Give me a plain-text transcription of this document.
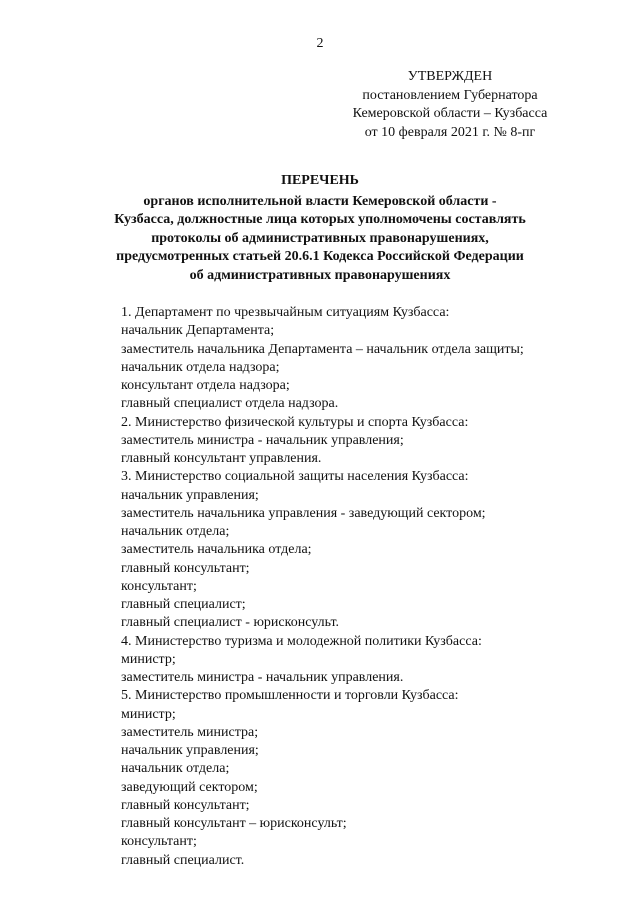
2
УТВЕРЖДЕН
постановлением Губернатора
Кемеровской области – Кузбасса
от 10 февраля 2021 г. № 8-пг
ПЕРЕЧЕНЬ
органов исполнительной власти Кемеровской области -
Кузбасса, должностные лица которых уполномочены составлять
протоколы об административных правонарушениях,
предусмотренных статьей 20.6.1 Кодекса Российской Федерации
об административных правонарушениях
1. Департамент по чрезвычайным ситуациям Кузбасса:
начальник Департамента;
заместитель начальника Департамента – начальник отдела защиты;
начальник отдела надзора;
консультант отдела надзора;
главный специалист отдела надзора.
2. Министерство физической культуры и спорта Кузбасса:
заместитель министра - начальник управления;
главный консультант управления.
3. Министерство социальной защиты населения Кузбасса:
начальник управления;
заместитель начальника управления - заведующий сектором;
начальник отдела;
заместитель начальника отдела;
главный консультант;
консультант;
главный специалист;
главный специалист - юрисконсульт.
4. Министерство туризма и молодежной политики Кузбасса:
министр;
заместитель министра - начальник управления.
5. Министерство промышленности и торговли Кузбасса:
министр;
заместитель министра;
начальник управления;
начальник отдела;
заведующий сектором;
главный консультант;
главный консультант – юрисконсульт;
консультант;
главный специалист.
